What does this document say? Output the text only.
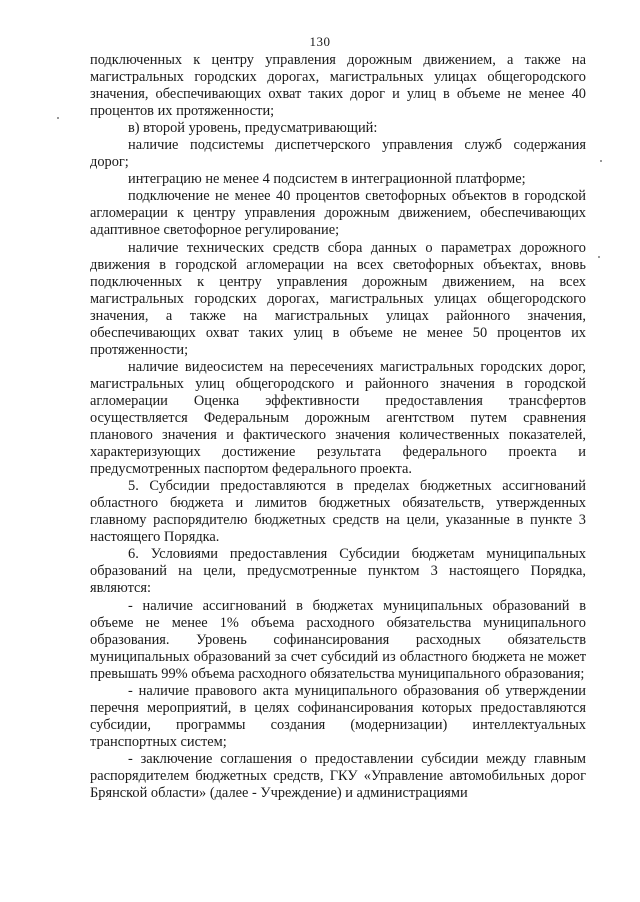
130

подключенных к центру управления дорожным движением, а также на магистральных городских дорогах, магистральных улицах общегородского значения, обеспечивающих охват таких дорог и улиц в объеме не менее 40 процентов их протяженности;

в) второй уровень, предусматривающий:

наличие подсистемы диспетчерского управления служб содержания дорог;

интеграцию не менее 4 подсистем в интеграционной платформе;

подключение не менее 40 процентов светофорных объектов в городской агломерации к центру управления дорожным движением, обеспечивающих адаптивное светофорное регулирование;

наличие технических средств сбора данных о параметрах дорожного движения в городской агломерации на всех светофорных объектах, вновь подключенных к центру управления дорожным движением, на всех магистральных городских дорогах, магистральных улицах общегородского значения, а также на магистральных улицах районного значения, обеспечивающих охват таких улиц в объеме не менее 50 процентов их протяженности;

наличие видеосистем на пересечениях магистральных городских дорог, магистральных улиц общегородского и районного значения в городской агломерации Оценка эффективности предоставления трансфертов осуществляется Федеральным дорожным агентством путем сравнения планового значения и фактического значения количественных показателей, характеризующих достижение результата федерального проекта и предусмотренных паспортом федерального проекта.

5. Субсидии предоставляются в пределах бюджетных ассигнований областного бюджета и лимитов бюджетных обязательств, утвержденных главному распорядителю бюджетных средств на цели, указанные в пункте 3 настоящего Порядка.

6. Условиями предоставления Субсидии бюджетам муниципальных образований на цели, предусмотренные пунктом 3 настоящего Порядка, являются:

- наличие ассигнований в бюджетах муниципальных образований в объеме не менее 1% объема расходного обязательства муниципального образования. Уровень софинансирования расходных обязательств муниципальных образований за счет субсидий из областного бюджета не может превышать 99% объема расходного обязательства муниципального образования;

- наличие правового акта муниципального образования об утверждении перечня мероприятий, в целях софинансирования которых предоставляются субсидии, программы создания (модернизации) интеллектуальных транспортных систем;

- заключение соглашения о предоставлении субсидии между главным распорядителем бюджетных средств, ГКУ «Управление автомобильных дорог Брянской области» (далее - Учреждение) и администрациями
